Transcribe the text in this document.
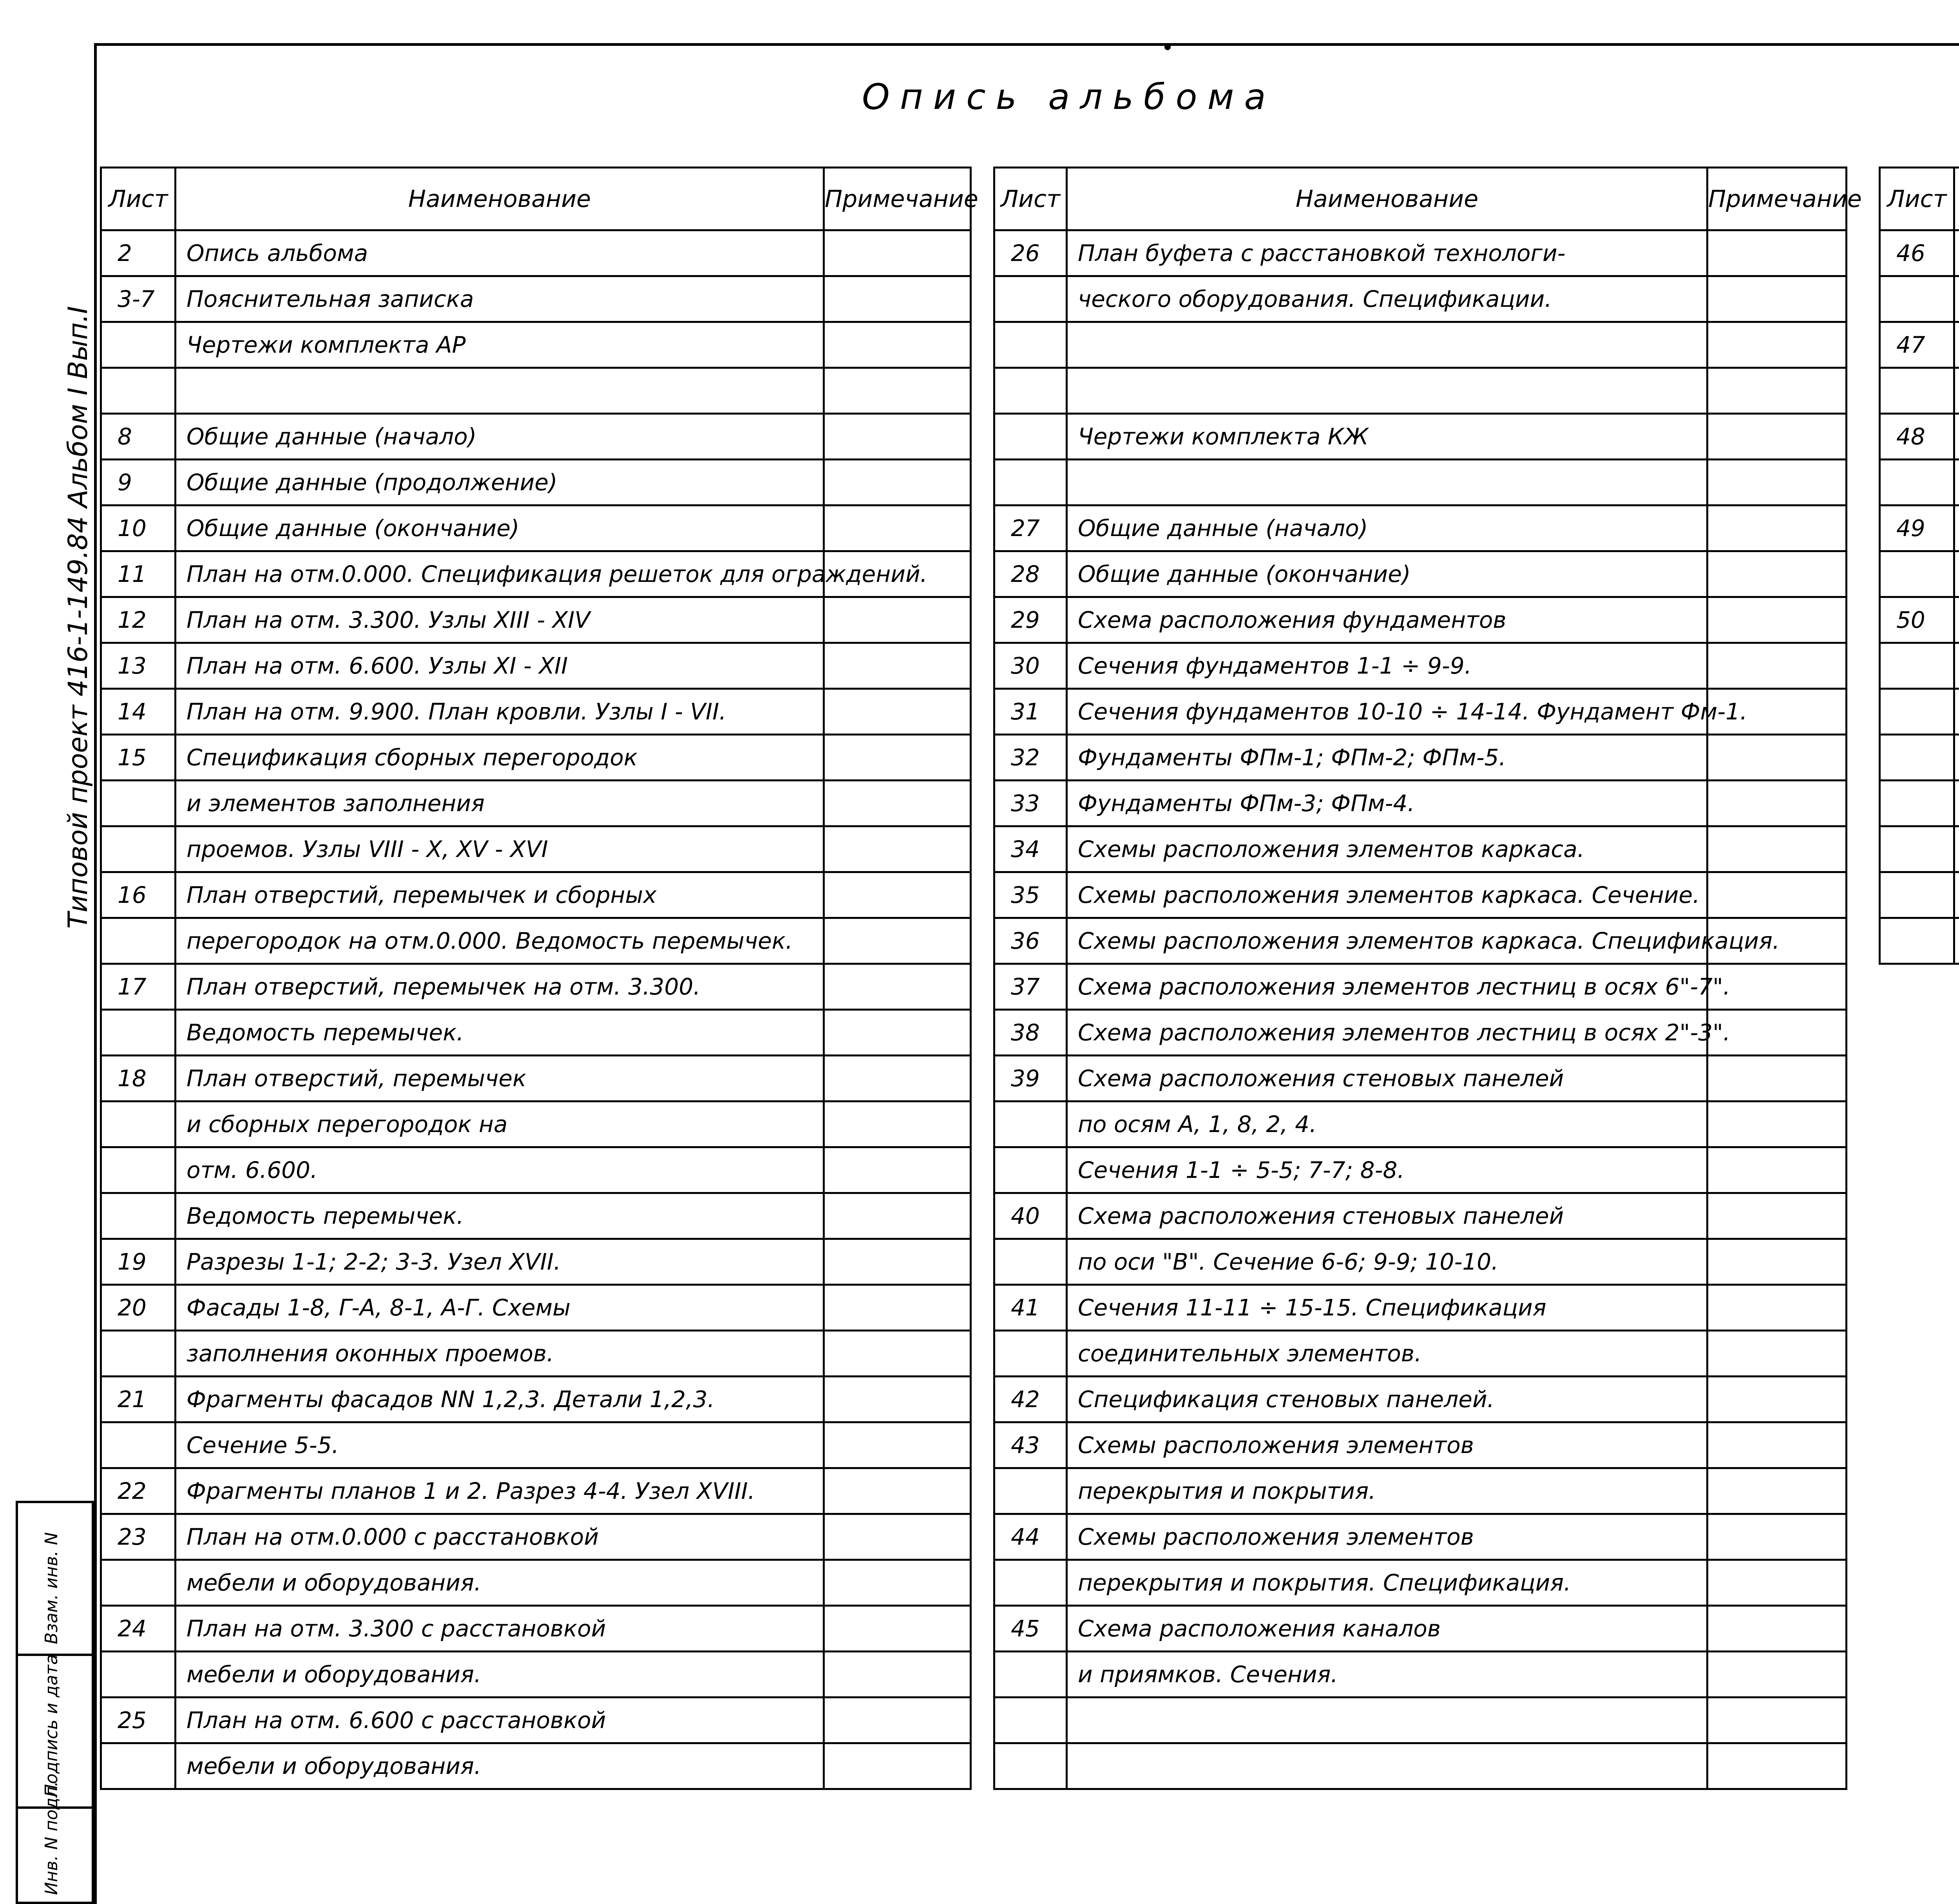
Опись альбома
Типовой проект 416-1-149.84 Альбом I Вып.I
Взам. инв. N
Подпись и дата
Инв. N подл.
Лист	Наименование	Примечание
2	Опись альбома	
3-7	Пояснительная записка	
	Чертежи комплекта АР	

8	Общие данные (начало)	
9	Общие данные (продолжение)	
10	Общие данные (окончание)	
11	План на отм.0.000. Спецификация решеток для ограждений.	
12	План на отм. 3.300. Узлы XIII - XIV	
13	План на отм. 6.600. Узлы XI - XII	
14	План на отм. 9.900. План кровли. Узлы I - VII.	
15	Спецификация сборных перегородок	
	и элементов заполнения	
	проемов. Узлы VIII - X, XV - XVI	
16	План отверстий, перемычек и сборных	
	перегородок на отм.0.000. Ведомость перемычек.	
17	План отверстий, перемычек на отм. 3.300.	
	Ведомость перемычек.	
18	План отверстий, перемычек	
	и сборных перегородок на	
	отм. 6.600.	
	Ведомость перемычек.	
19	Разрезы 1-1; 2-2; 3-3. Узел XVII.	
20	Фасады 1-8, Г-А, 8-1, А-Г. Схемы	
	заполнения оконных проемов.	
21	Фрагменты фасадов NN 1,2,3. Детали 1,2,3.	
	Сечение 5-5.	
22	Фрагменты планов 1 и 2. Разрез 4-4. Узел XVIII.	
23	План на отм.0.000 с расстановкой	
	мебели и оборудования.	
24	План на отм. 3.300 с расстановкой	
	мебели и оборудования.	
25	План на отм. 6.600 с расстановкой	
	мебели и оборудования.	
Лист	Наименование	Примечание
26	План буфета с расстановкой технологи-	
	ческого оборудования. Спецификации.	

	Чертежи комплекта КЖ	

27	Общие данные (начало)	
28	Общие данные (окончание)	
29	Схема расположения фундаментов	
30	Сечения фундаментов 1-1 ÷ 9-9.	
31	Сечения фундаментов 10-10 ÷ 14-14. Фундамент Фм-1.	
32	Фундаменты ФПм-1; ФПм-2; ФПм-5.	
33	Фундаменты ФПм-3; ФПм-4.	
34	Схемы расположения элементов каркаса.	
35	Схемы расположения элементов каркаса. Сечение.	
36	Схемы расположения элементов каркаса. Спецификация.	
37	Схема расположения элементов лестниц в осях 6"-7".	
38	Схема расположения элементов лестниц в осях 2"-3".	
39	Схема расположения стеновых панелей	
	по осям А, 1, 8, 2, 4.	
	Сечения 1-1 ÷ 5-5; 7-7; 8-8.	
40	Схема расположения стеновых панелей	
	по оси "В". Сечение 6-6; 9-9; 10-10.	
41	Сечения 11-11 ÷ 15-15. Спецификация	
	соединительных элементов.	
42	Спецификация стеновых панелей.	
43	Схемы расположения элементов	
	перекрытия и покрытия.	
44	Схемы расположения элементов	
	перекрытия и покрытия. Спецификация.	
45	Схема расположения каналов	
	и приямков. Сечения.	

Лист		
46		

47		

48		

49		

50		
